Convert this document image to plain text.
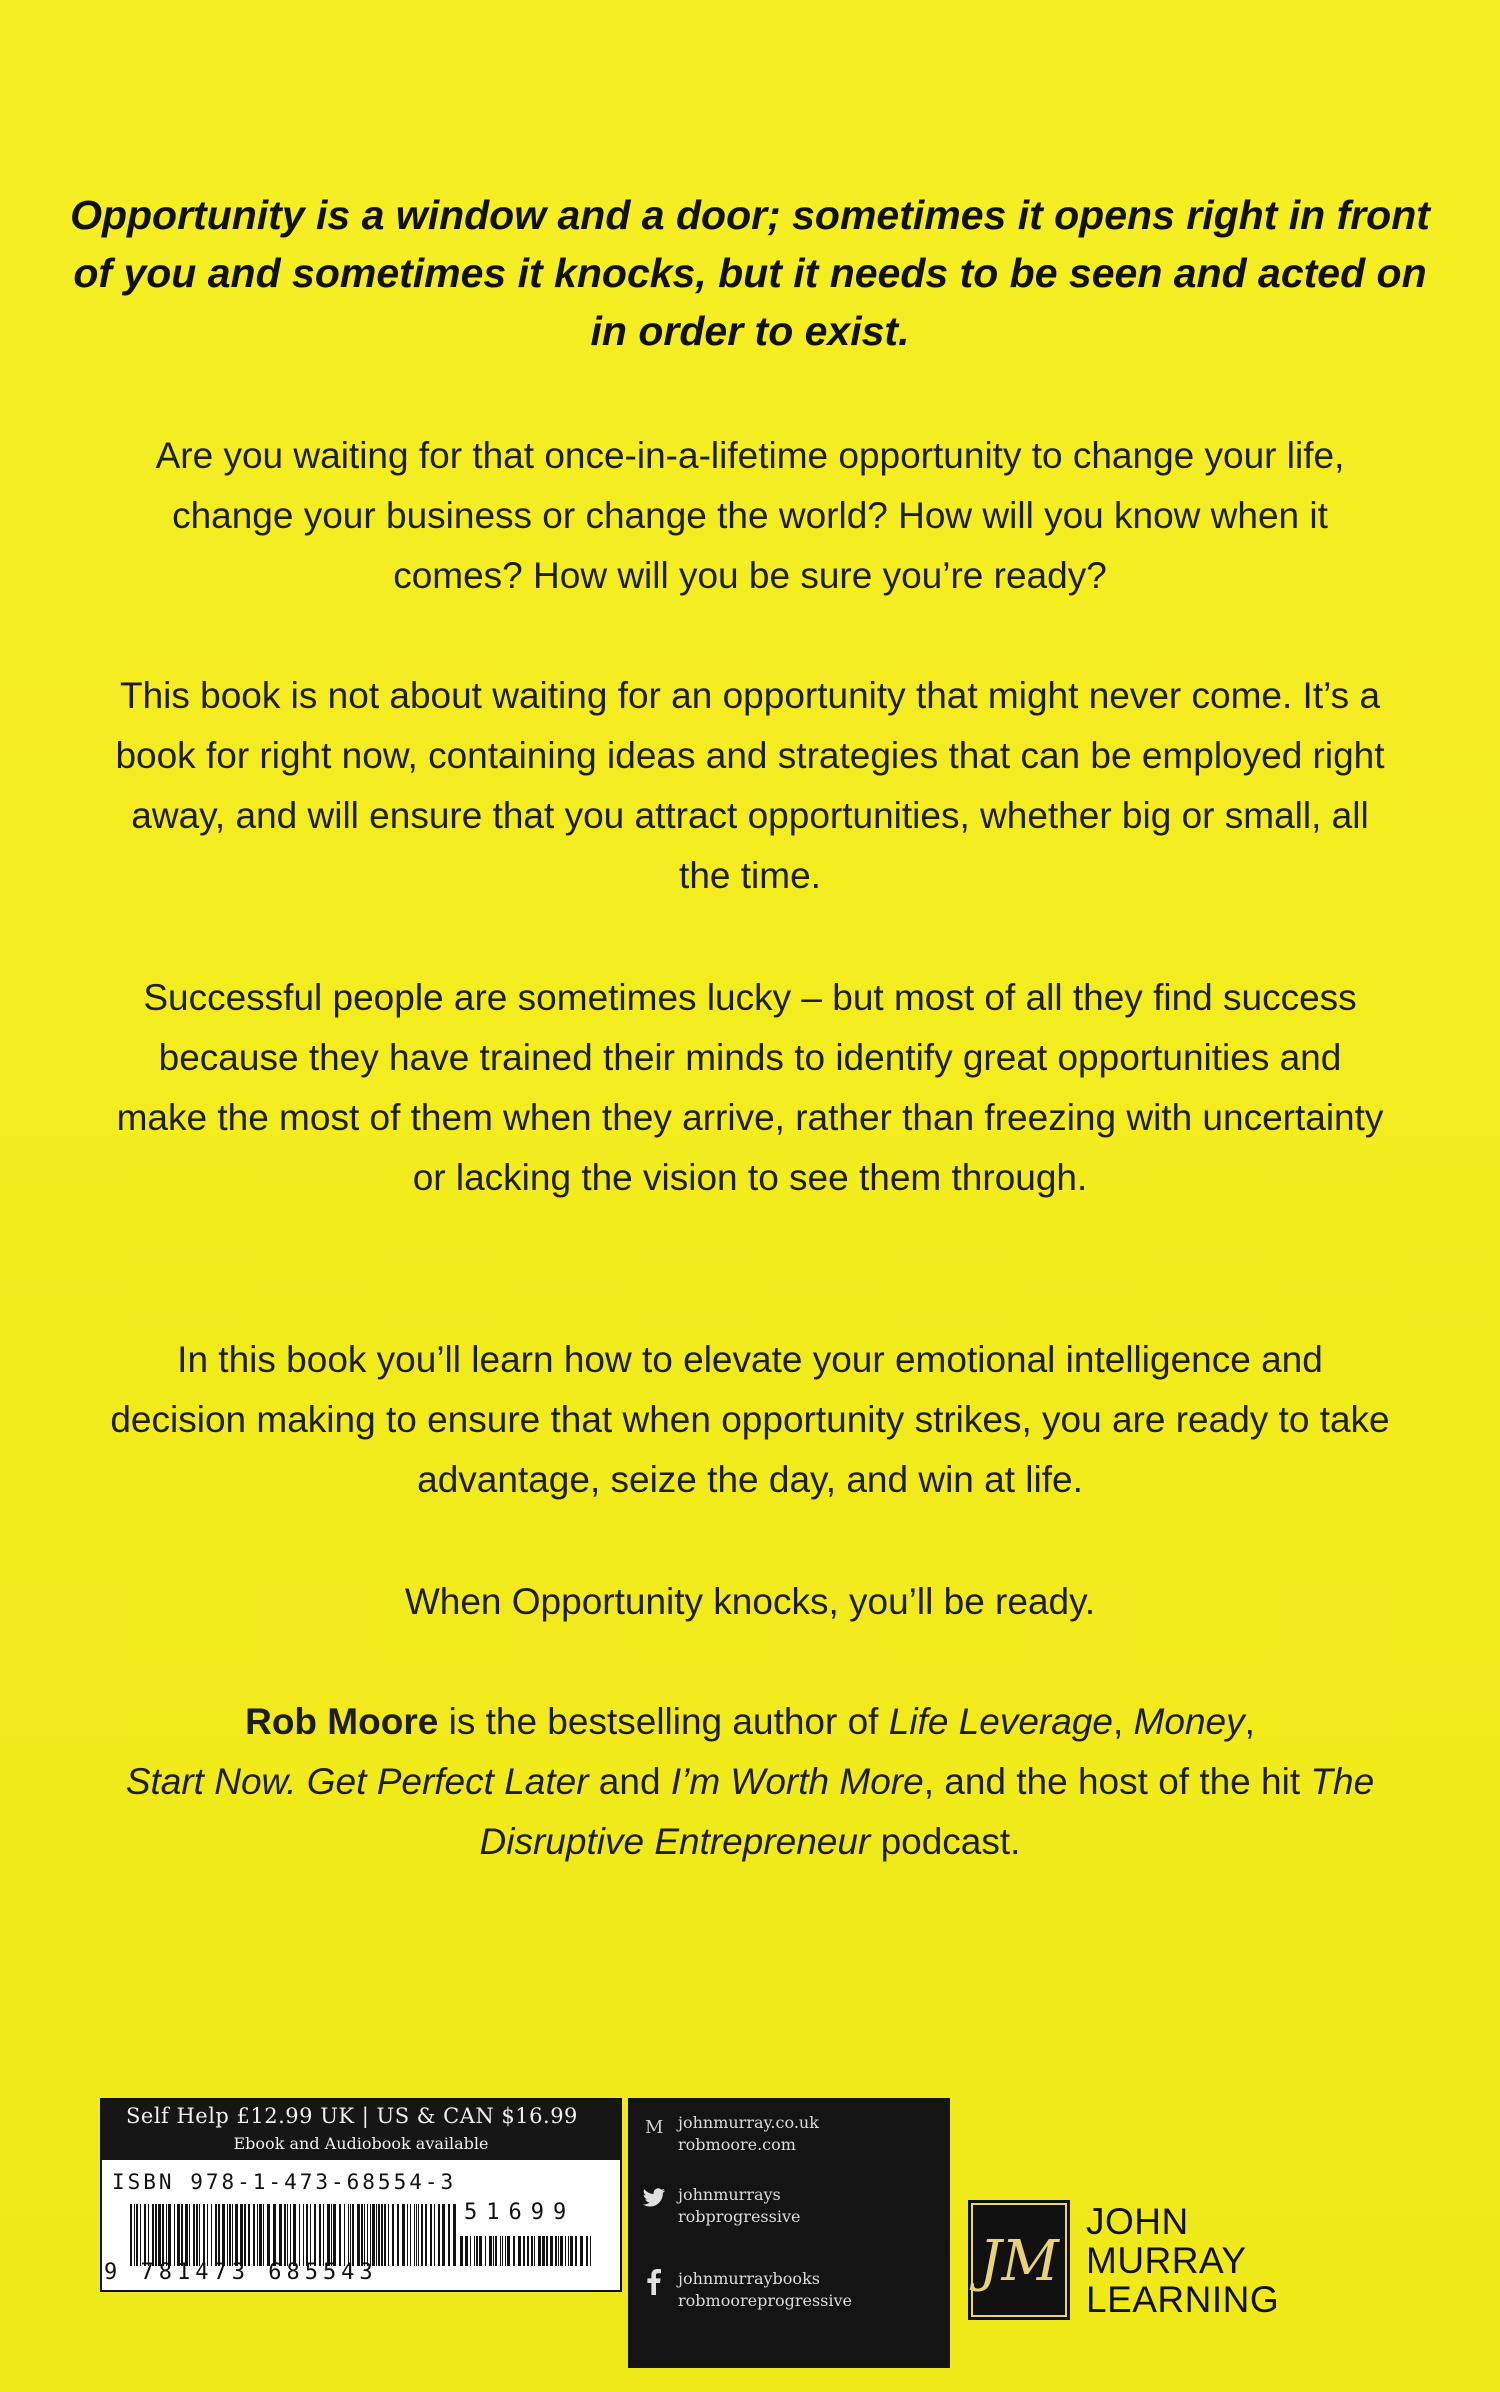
Opportunity is a window and a door; sometimes it opens right in front of you and sometimes it knocks, but it needs to be seen and acted on in order to exist.
Are you waiting for that once-in-a-lifetime opportunity to change your life, change your business or change the world? How will you know when it comes? How will you be sure you’re ready?
This book is not about waiting for an opportunity that might never come. It’s a book for right now, containing ideas and strategies that can be employed right away, and will ensure that you attract opportunities, whether big or small, all the time.
Successful people are sometimes lucky – but most of all they find success because they have trained their minds to identify great opportunities and make the most of them when they arrive, rather than freezing with uncertainty or lacking the vision to see them through.
In this book you’ll learn how to elevate your emotional intelligence and decision making to ensure that when opportunity strikes, you are ready to take advantage, seize the day, and win at life.
When Opportunity knocks, you’ll be ready.
Rob Moore is the bestselling author of Life Leverage, Money,
Start Now. Get Perfect Later and I’m Worth More, and the host of the hit The Disruptive Entrepreneur podcast.
Self Help £12.99 UK | US & CAN $16.99
Ebook and Audiobook available
ISBN 978-1-473-68554-3
51699
9 781473 685543
M johnmurray.co.uk
robmoore.com
johnmurrays
robprogressive
johnmurraybooks
robmooreprogressive
JM
JOHN
MURRAY
LEARNING
